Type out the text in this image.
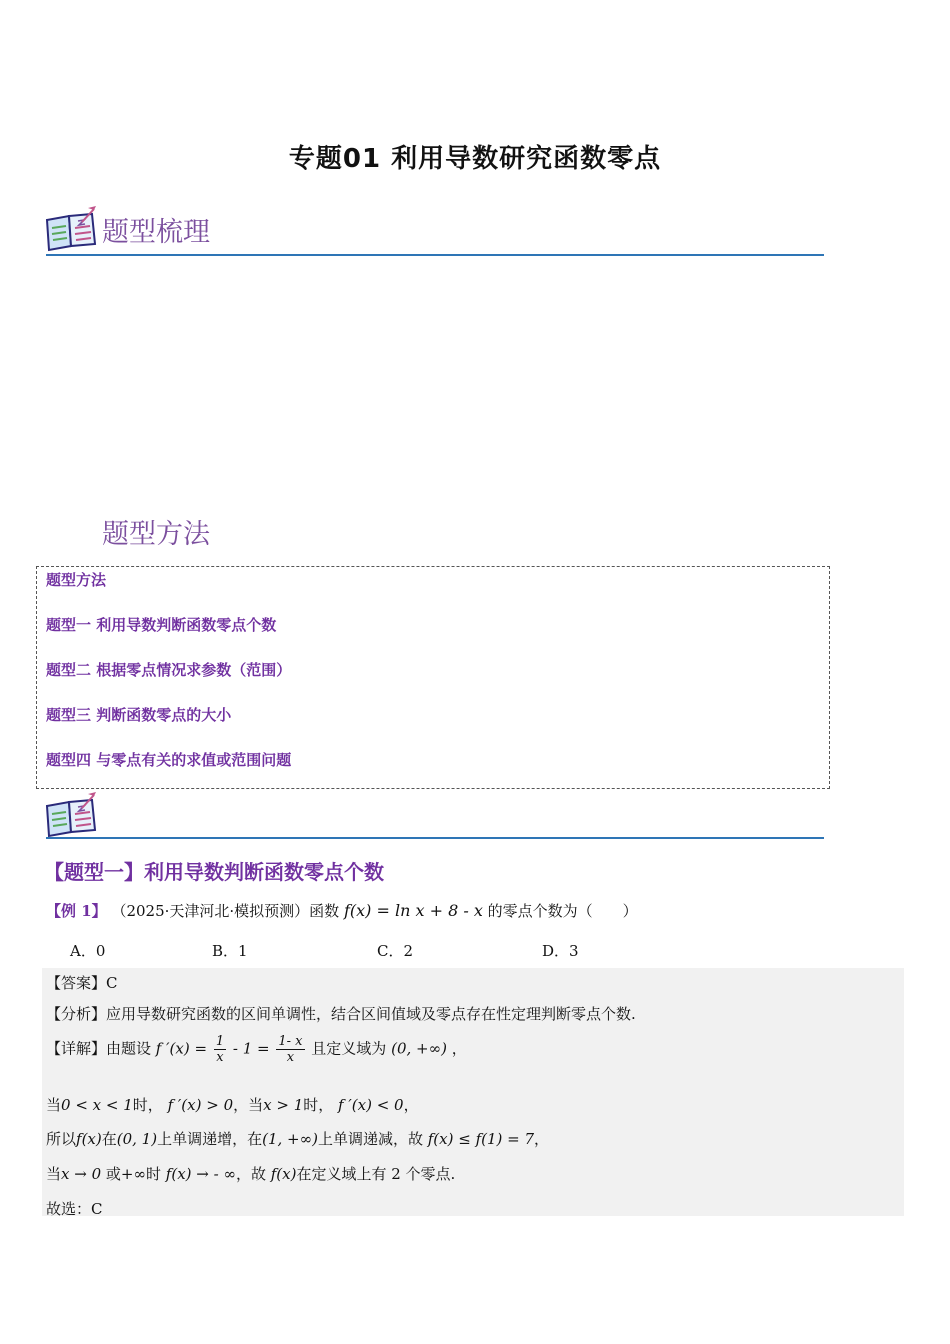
专题01 利用导数研究函数零点
题型梳理
题型方法
题型方法
题型一 利用导数判断函数零点个数
题型二 根据零点情况求参数（范围）
题型三 判断函数零点的大小
题型四 与零点有关的求值或范围问题
【题型一】利用导数判断函数零点个数
【例 1】 （2025·天津河北·模拟预测）函数 f(x) = ln x + 8 - x 的零点个数为（　　）
A．0	B．1	C．2	D．3
【答案】C
【分析】应用导数研究函数的区间单调性，结合区间值域及零点存在性定理判断零点个数.
【详解】由题设 f $'(x) = \frac{1}{x} - 1 = \frac{1- x}{x}$ 且定义域为 (0, +∞) ，
当0 < x < 1时， f ′(x) > 0，当x > 1时， f ′(x) < 0，
所以f(x)在(0, 1)上单调递增，在(1, +∞)上单调递减，故 f(x) ≤ f(1) = 7，
当x → 0 或+∞时 f(x) → - ∞，故 f(x)在定义域上有 2 个零点.
故选：C
